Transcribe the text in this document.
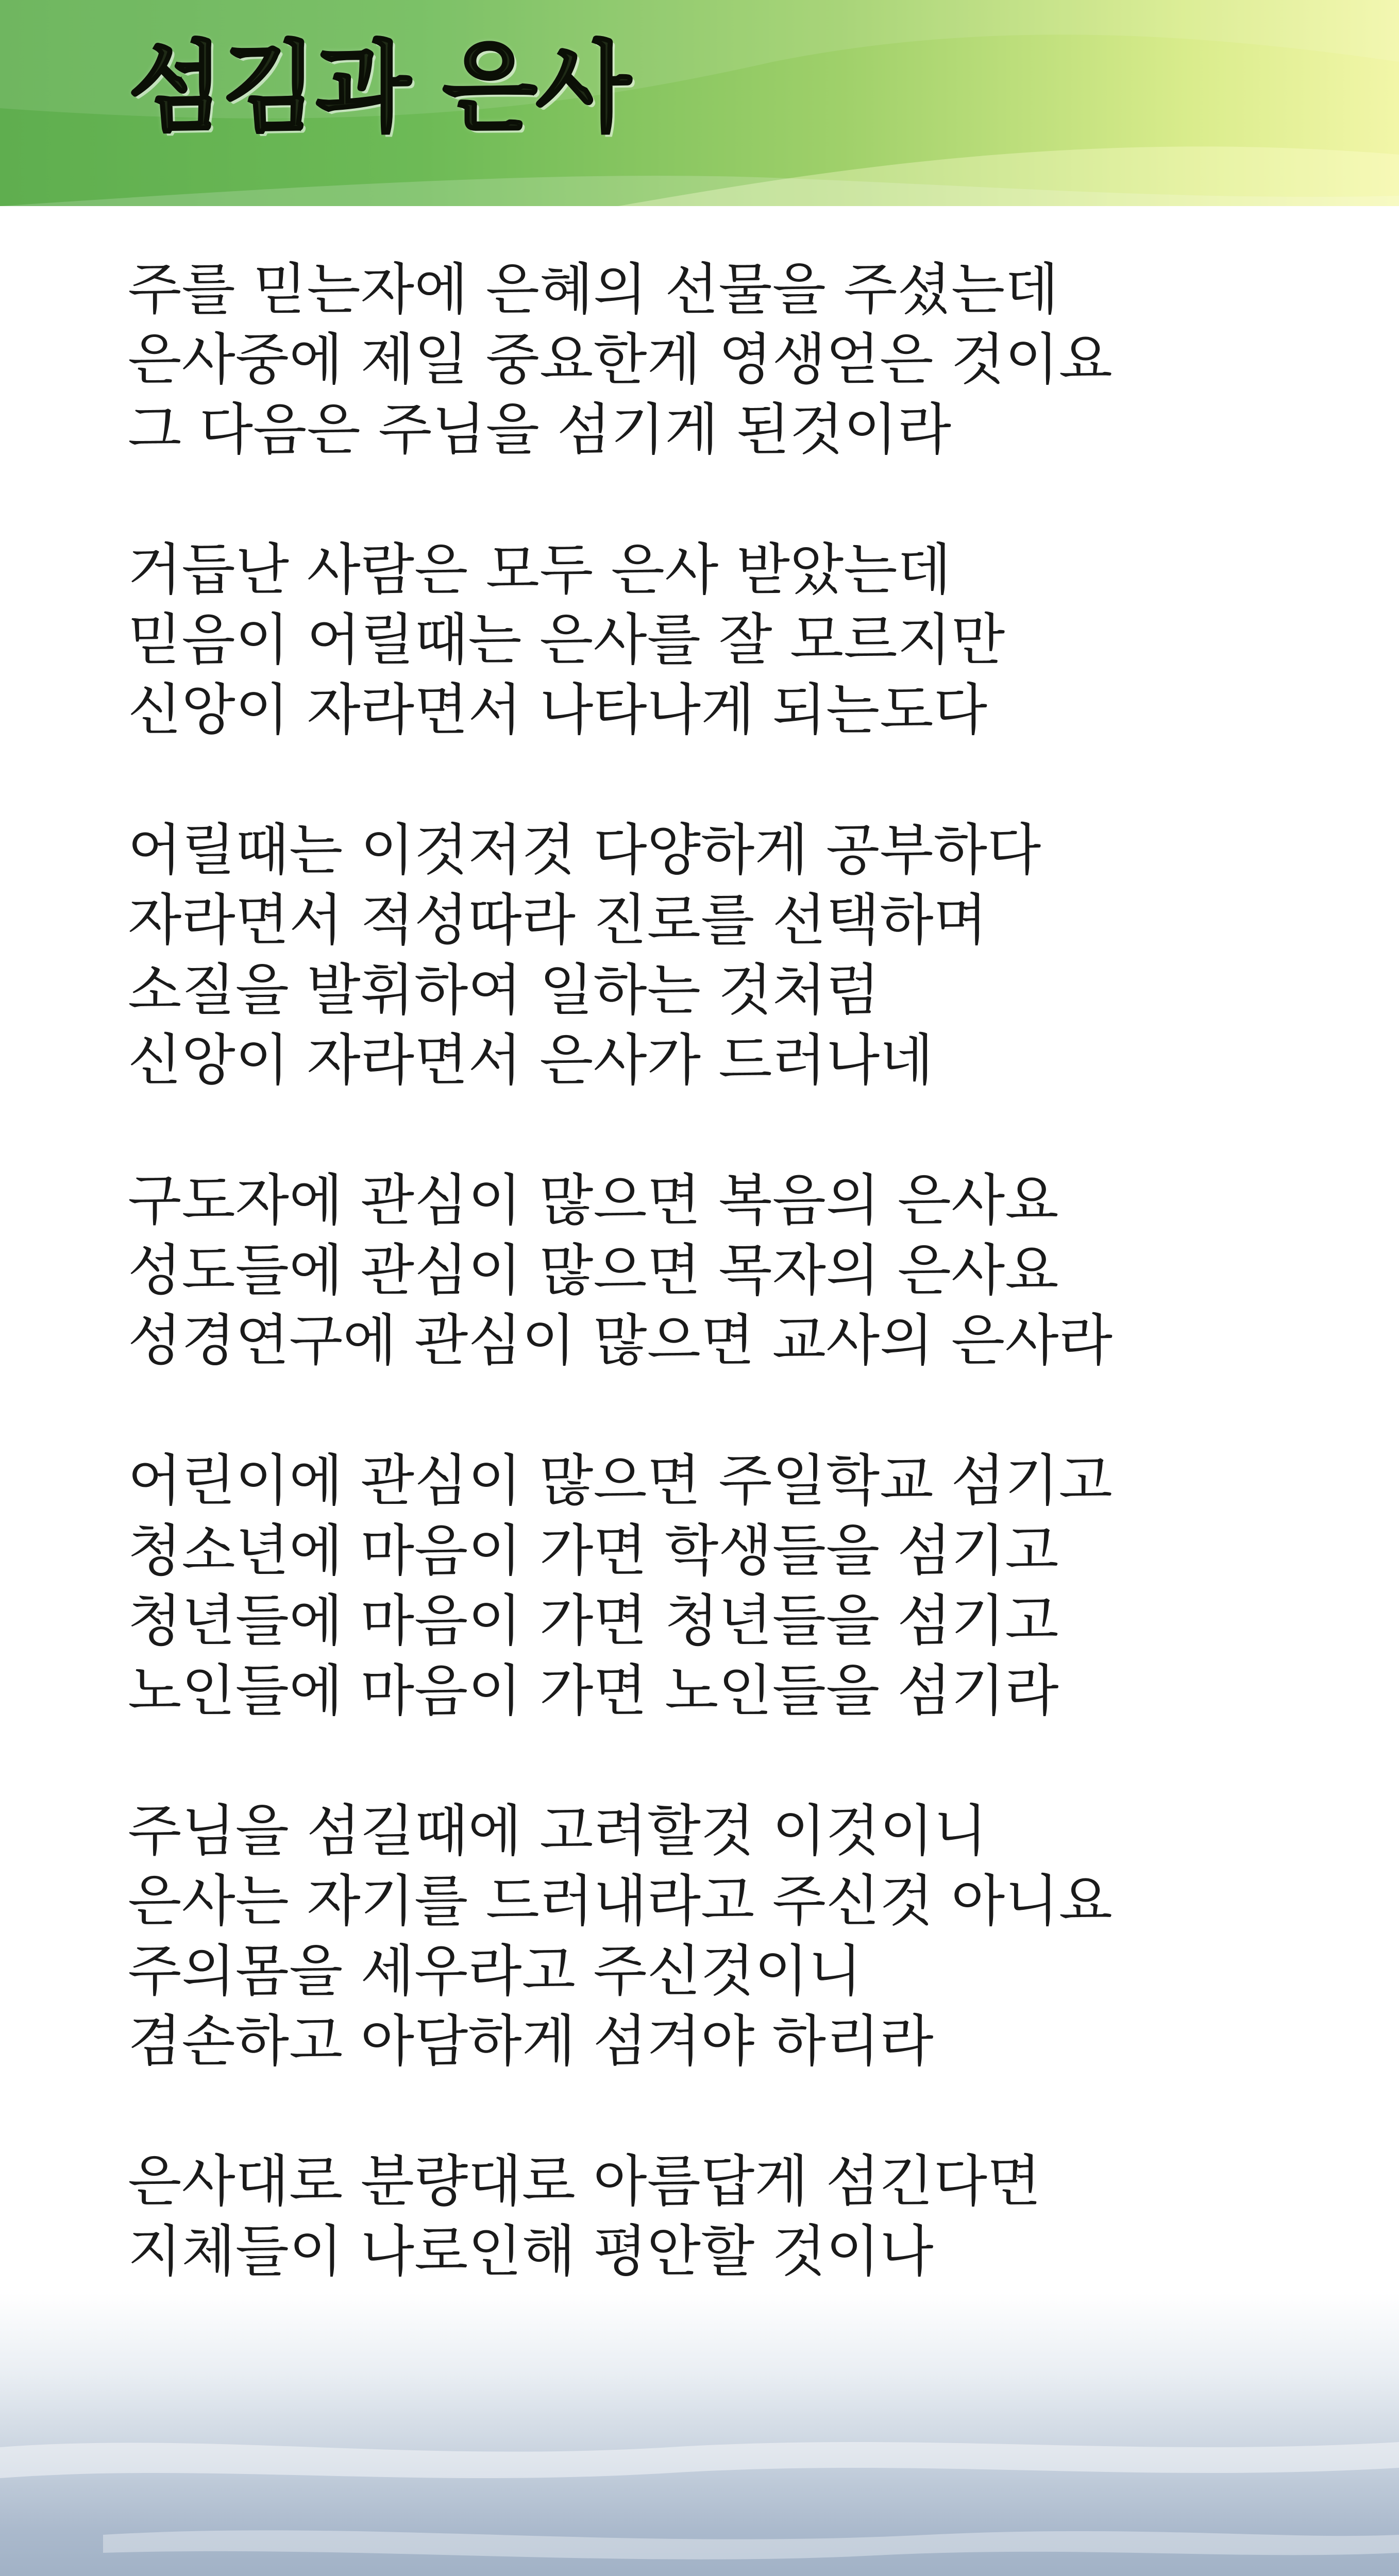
섬김과 은사
주를 믿는자에 은혜의 선물을 주셨는데
은사중에 제일 중요한게 영생얻은 것이요
그 다음은 주님을 섬기게 된것이라
거듭난 사람은 모두 은사 받았는데
믿음이 어릴때는 은사를 잘 모르지만
신앙이 자라면서 나타나게 되는도다
어릴때는 이것저것 다양하게 공부하다
자라면서 적성따라 진로를 선택하며
소질을 발휘하여 일하는 것처럼
신앙이 자라면서 은사가 드러나네
구도자에 관심이 많으면 복음의 은사요
성도들에 관심이 많으면 목자의 은사요
성경연구에 관심이 많으면 교사의 은사라
어린이에 관심이 많으면 주일학교 섬기고
청소년에 마음이 가면 학생들을 섬기고
청년들에 마음이 가면 청년들을 섬기고
노인들에 마음이 가면 노인들을 섬기라
주님을 섬길때에 고려할것 이것이니
은사는 자기를 드러내라고 주신것 아니요
주의몸을 세우라고 주신것이니
겸손하고 아담하게 섬겨야 하리라
은사대로 분량대로 아름답게 섬긴다면
지체들이 나로인해 평안할 것이나
